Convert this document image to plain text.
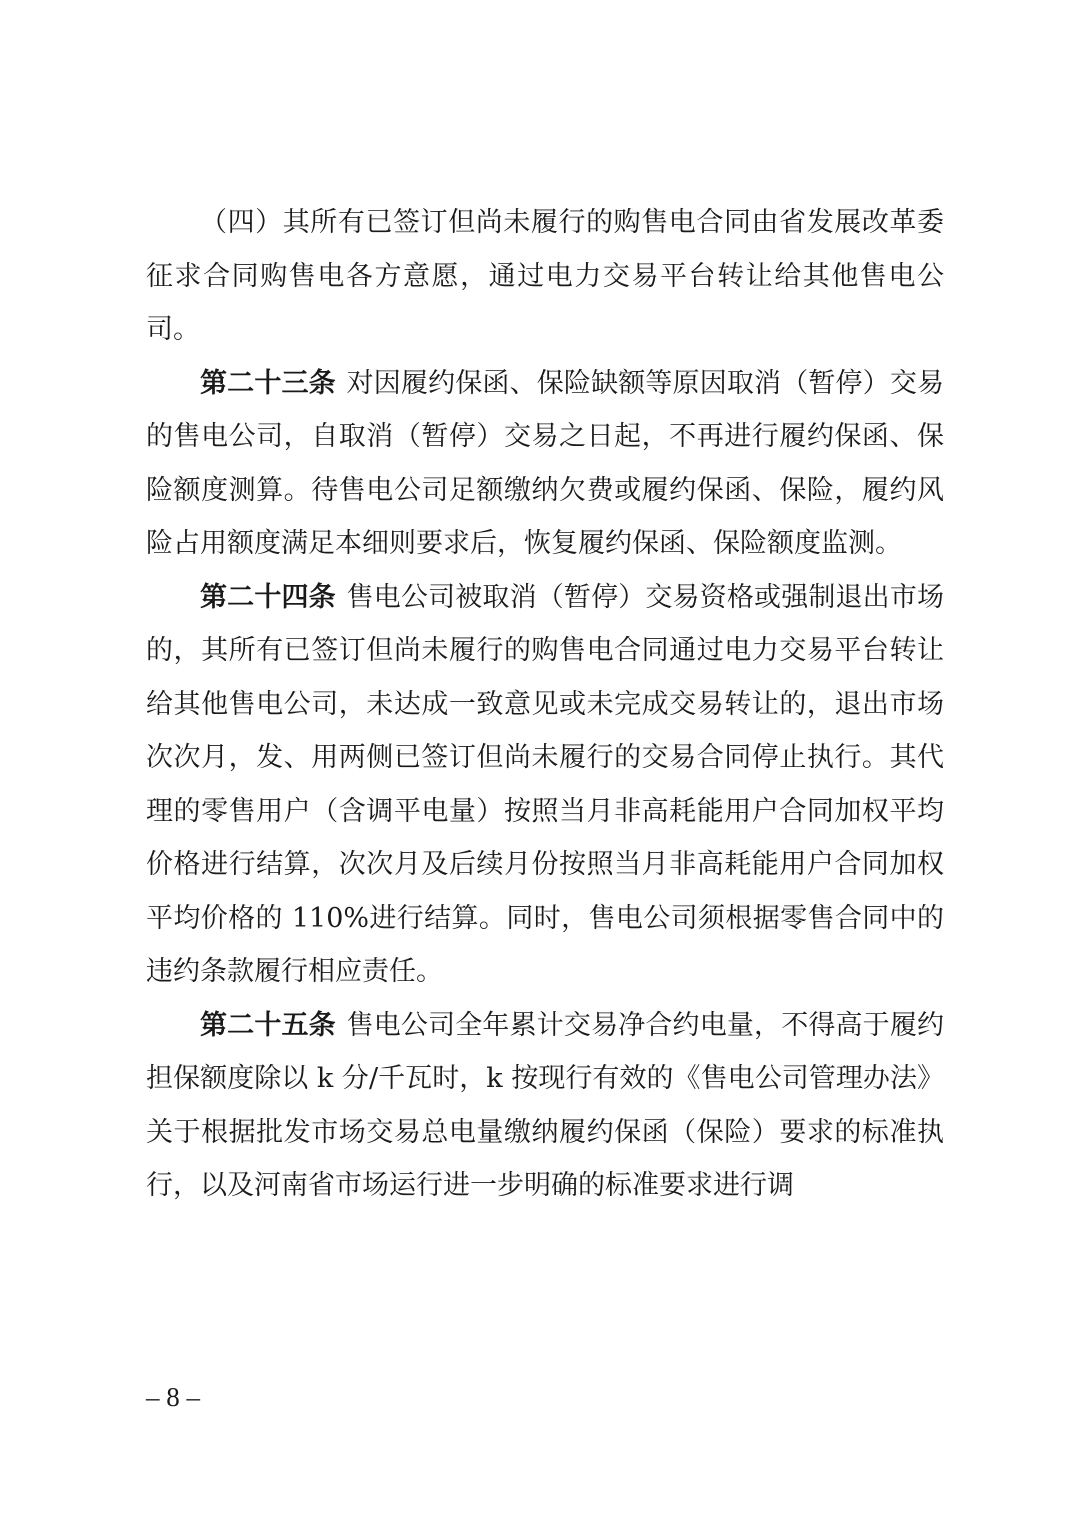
（四）其所有已签订但尚未履行的购售电合同由省发展改革委征求合同购售电各方意愿，通过电力交易平台转让给其他售电公司。

第二十三条 对因履约保函、保险缺额等原因取消（暂停）交易的售电公司，自取消（暂停）交易之日起，不再进行履约保函、保险额度测算。待售电公司足额缴纳欠费或履约保函、保险，履约风险占用额度满足本细则要求后，恢复履约保函、保险额度监测。

第二十四条 售电公司被取消（暂停）交易资格或强制退出市场的，其所有已签订但尚未履行的购售电合同通过电力交易平台转让给其他售电公司，未达成一致意见或未完成交易转让的，退出市场次次月，发、用两侧已签订但尚未履行的交易合同停止执行。其代理的零售用户（含调平电量）按照当月非高耗能用户合同加权平均价格进行结算，次次月及后续月份按照当月非高耗能用户合同加权平均价格的 110%进行结算。同时，售电公司须根据零售合同中的违约条款履行相应责任。

第二十五条 售电公司全年累计交易净合约电量，不得高于履约担保额度除以 k 分/千瓦时，k 按现行有效的《售电公司管理办法》关于根据批发市场交易总电量缴纳履约保函（保险）要求的标准执行，以及河南省市场运行进一步明确的标准要求进行调

– 8 –
